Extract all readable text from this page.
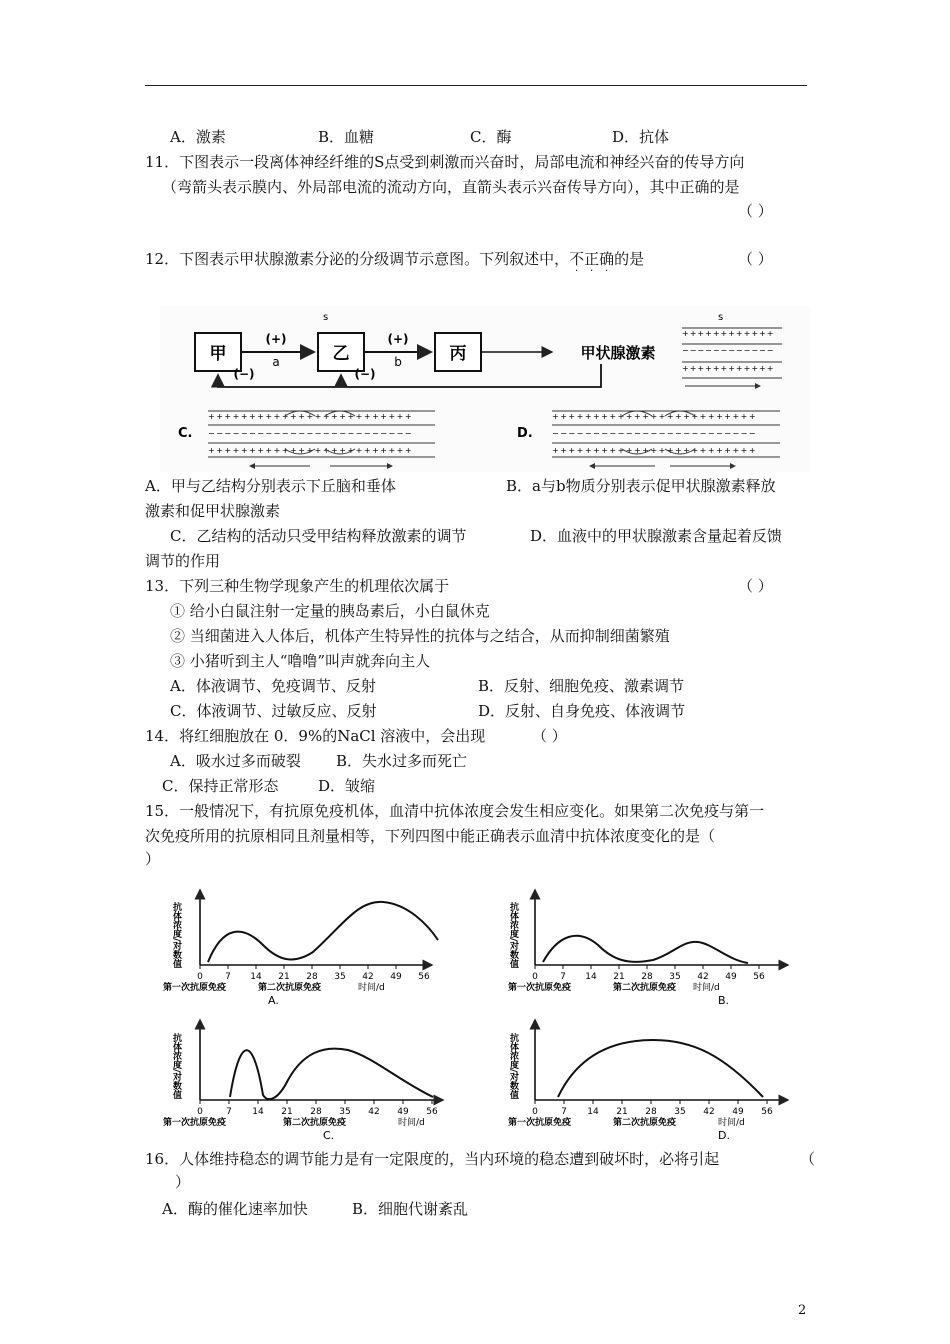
A．激素	B．血糖	C．酶	D．抗体
11．下图表示一段离体神经纤维的S点受到刺激而兴奋时，局部电流和神经兴奋的传导方向
（弯箭头表示膜内、外局部电流的流动方向，直箭头表示兴奋传导方向），其中正确的是
（ ）
12．下图表示甲状腺激素分泌的分级调节示意图。下列叙述中，不正确
· · ·
的是	（ ）
甲	乙	丙	甲状腺激素
(+)
a
(+)
b
(−)	(−)
s	s
++++++++++++
−−−−−−−−−−−−
++++++++++++
C.
+++++++++++++++++++++++++
−−−−−−−−−−−−−−−−−−−−−−−−−
+++++++++++++++++++++++++
D.
+++++++++++++++++++++++++
−−−−−−−−−−−−−−−−−−−−−−−−−
+++++++++++++++++++++++++
A．甲与乙结构分别表示下丘脑和垂体	B．a与b物质分别表示促甲状腺激素释放
激素和促甲状腺激素
C．乙结构的活动只受甲结构释放激素的调节	D．血液中的甲状腺激素含量起着反馈
调节的作用
13．下列三种生物学现象产生的机理依次属于	（ ）
① 给小白鼠注射一定量的胰岛素后，小白鼠休克
② 当细菌进入人体后，机体产生特异性的抗体与之结合，从而抑制细菌繁殖
③ 小猪听到主人“噜噜”叫声就奔向主人
A．体液调节、免疫调节、反射	B．反射、细胞免疫、激素调节
C．体液调节、过敏反应、反射	D．反射、自身免疫、体液调节
14．将红细胞放在 0．9%的NaCl 溶液中，会出现	（ ）
A．吸水过多而破裂 B．失水过多而死亡
C．保持正常形态	D．皱缩
15．一般情况下，有抗原免疫机体，血清中抗体浓度会发生相应变化。如果第二次免疫与第一
次免疫所用的抗原相同且剂量相等，下列四图中能正确表示血清中抗体浓度变化的是（
）
抗体浓度/对数值
0 7 14 21 28 35 42 49 56
时间/d
第一次抗原免疫	第二次抗原免疫
A.
抗体浓度/对数值
0 7 14 21 28 35 42 49 56
时间/d
第一次抗原免疫	第二次抗原免疫
B.
抗体浓度/对数值
0	7 14 21 28 35 42 49 56
时间/d
第一次抗原免疫	第二次抗原免疫
C.
抗体浓度/对数值
0	7 14 21 28 35 42 49 56
时间/d
第一次抗原免疫	第二次抗原免疫
D.
16．人体维持稳态的调节能力是有一定限度的，当内环境的稳态遭到破坏时，必将引起	（
）
A．酶的催化速率加快	B．细胞代谢紊乱
2
